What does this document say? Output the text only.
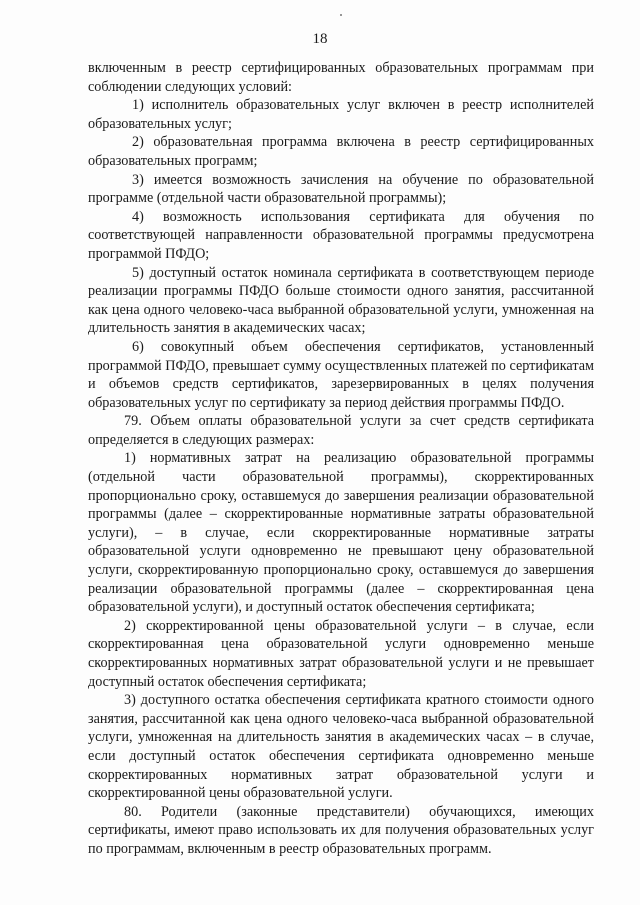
18

включенным в реестр сертифицированных образовательных программам при соблюдении следующих условий:

1) исполнитель образовательных услуг включен в реестр исполнителей образовательных услуг;

2) образовательная программа включена в реестр сертифицированных образовательных программ;

3) имеется возможность зачисления на обучение по образовательной программе (отдельной части образовательной программы);

4) возможность использования сертификата для обучения по соответствующей направленности образовательной программы предусмотрена программой ПФДО;

5) доступный остаток номинала сертификата в соответствующем периоде реализации программы ПФДО больше стоимости одного занятия, рассчитанной как цена одного человеко-часа выбранной образовательной услуги, умноженная на длительность занятия в академических часах;

6) совокупный объем обеспечения сертификатов, установленный программой ПФДО, превышает сумму осуществленных платежей по сертификатам и объемов средств сертификатов, зарезервированных в целях получения образовательных услуг по сертификату за период действия программы ПФДО.

79. Объем оплаты образовательной услуги за счет средств сертификата определяется в следующих размерах:

1) нормативных затрат на реализацию образовательной программы (отдельной части образовательной программы), скорректированных пропорционально сроку, оставшемуся до завершения реализации образовательной программы (далее – скорректированные нормативные затраты образовательной услуги), – в случае, если скорректированные нормативные затраты образовательной услуги одновременно не превышают цену образовательной услуги, скорректированную пропорционально сроку, оставшемуся до завершения реализации образовательной программы (далее – скорректированная цена образовательной услуги), и доступный остаток обеспечения сертификата;

2) скорректированной цены образовательной услуги – в случае, если скорректированная цена образовательной услуги одновременно меньше скорректированных нормативных затрат образовательной услуги и не превышает доступный остаток обеспечения сертификата;

3) доступного остатка обеспечения сертификата кратного стоимости одного занятия, рассчитанной как цена одного человеко-часа выбранной образовательной услуги, умноженная на длительность занятия в академических часах – в случае, если доступный остаток обеспечения сертификата одновременно меньше скорректированных нормативных затрат образовательной услуги и скорректированной цены образовательной услуги.

80. Родители (законные представители) обучающихся, имеющих сертификаты, имеют право использовать их для получения образовательных услуг по программам, включенным в реестр образовательных программ.
